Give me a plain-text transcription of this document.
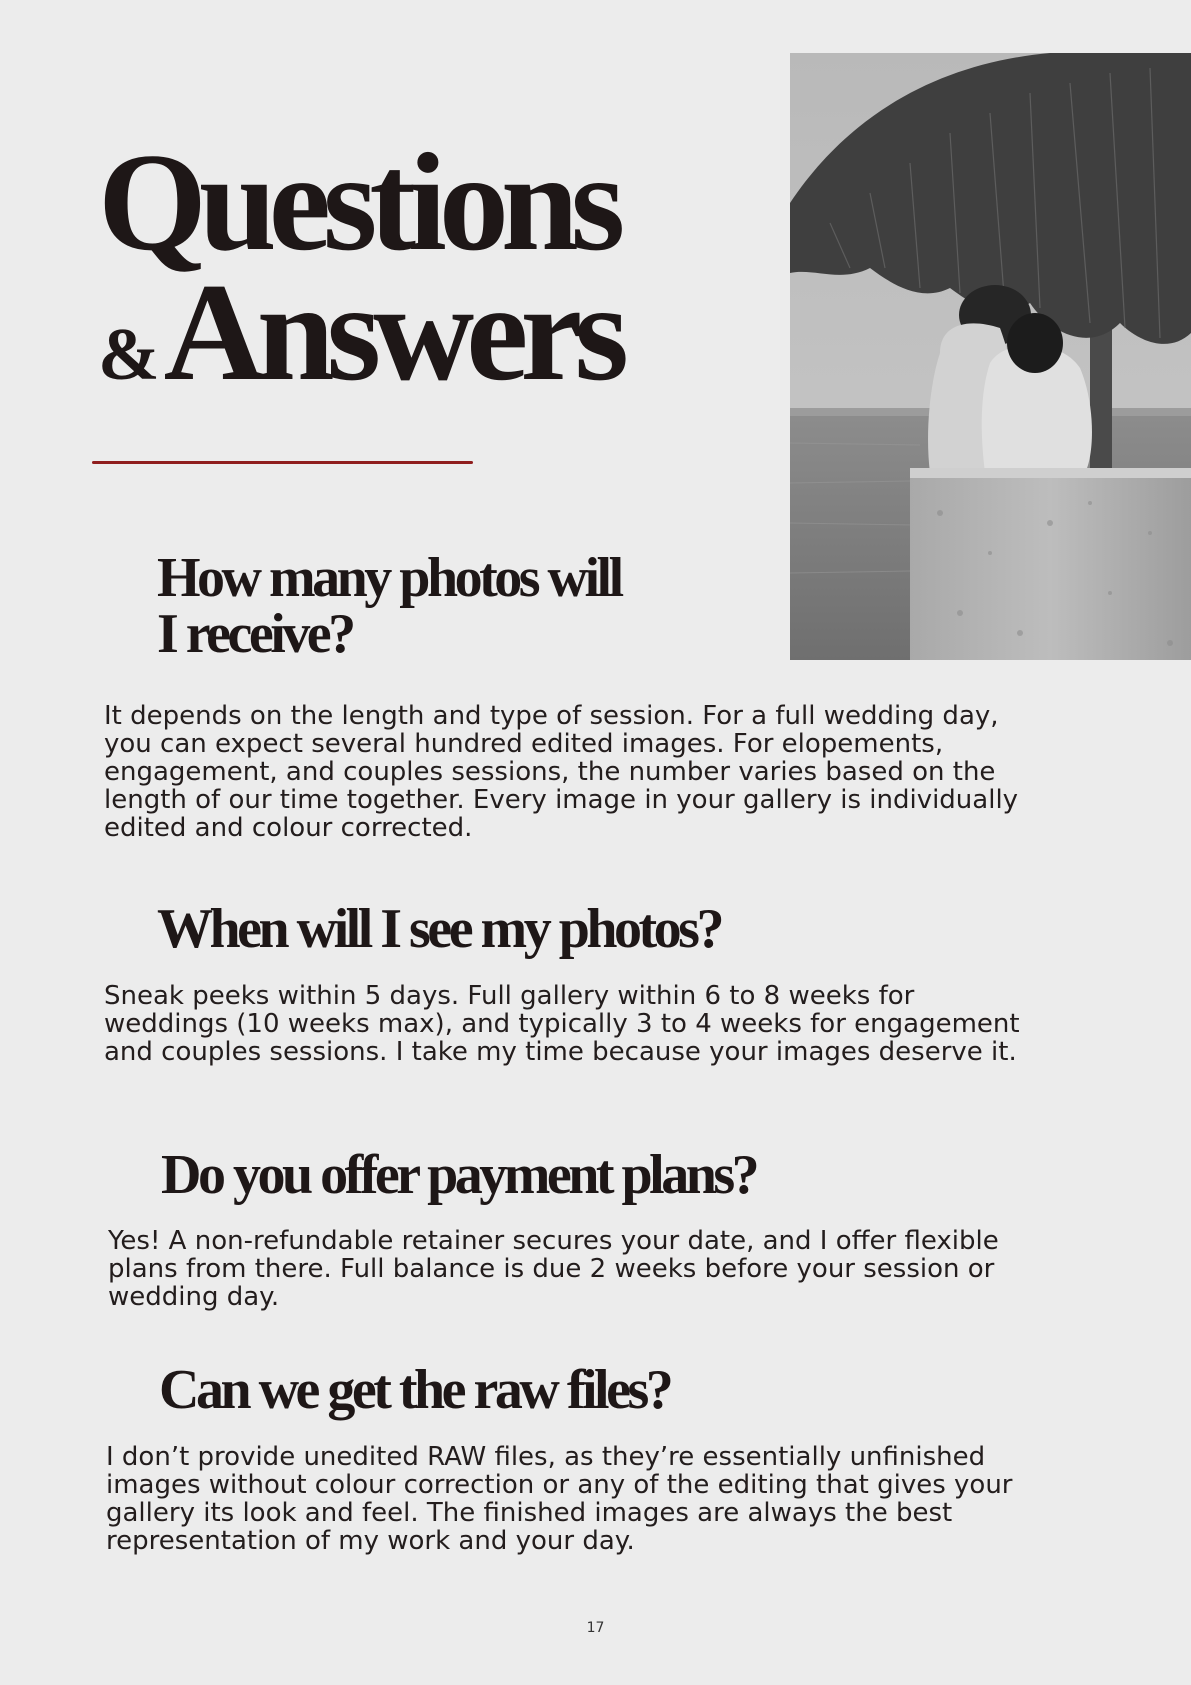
Questions
&Answers
How many photos will
I receive?

It depends on the length and type of session. For a full wedding day, you can expect several hundred edited images. For elopements, engagement, and couples sessions, the number varies based on the length of our time together. Every image in your gallery is individually edited and colour corrected.

When will I see my photos?

Sneak peeks within 5 days. Full gallery within 6 to 8 weeks for weddings (10 weeks max), and typically 3 to 4 weeks for engagement and couples sessions. I take my time because your images deserve it.

Do you offer payment plans?

Yes! A non-refundable retainer secures your date, and I offer flexible plans from there. Full balance is due 2 weeks before your session or wedding day.

Can we get the raw files?

I don’t provide unedited RAW files, as they’re essentially unfinished images without colour correction or any of the editing that gives your gallery its look and feel. The finished images are always the best representation of my work and your day.

17
